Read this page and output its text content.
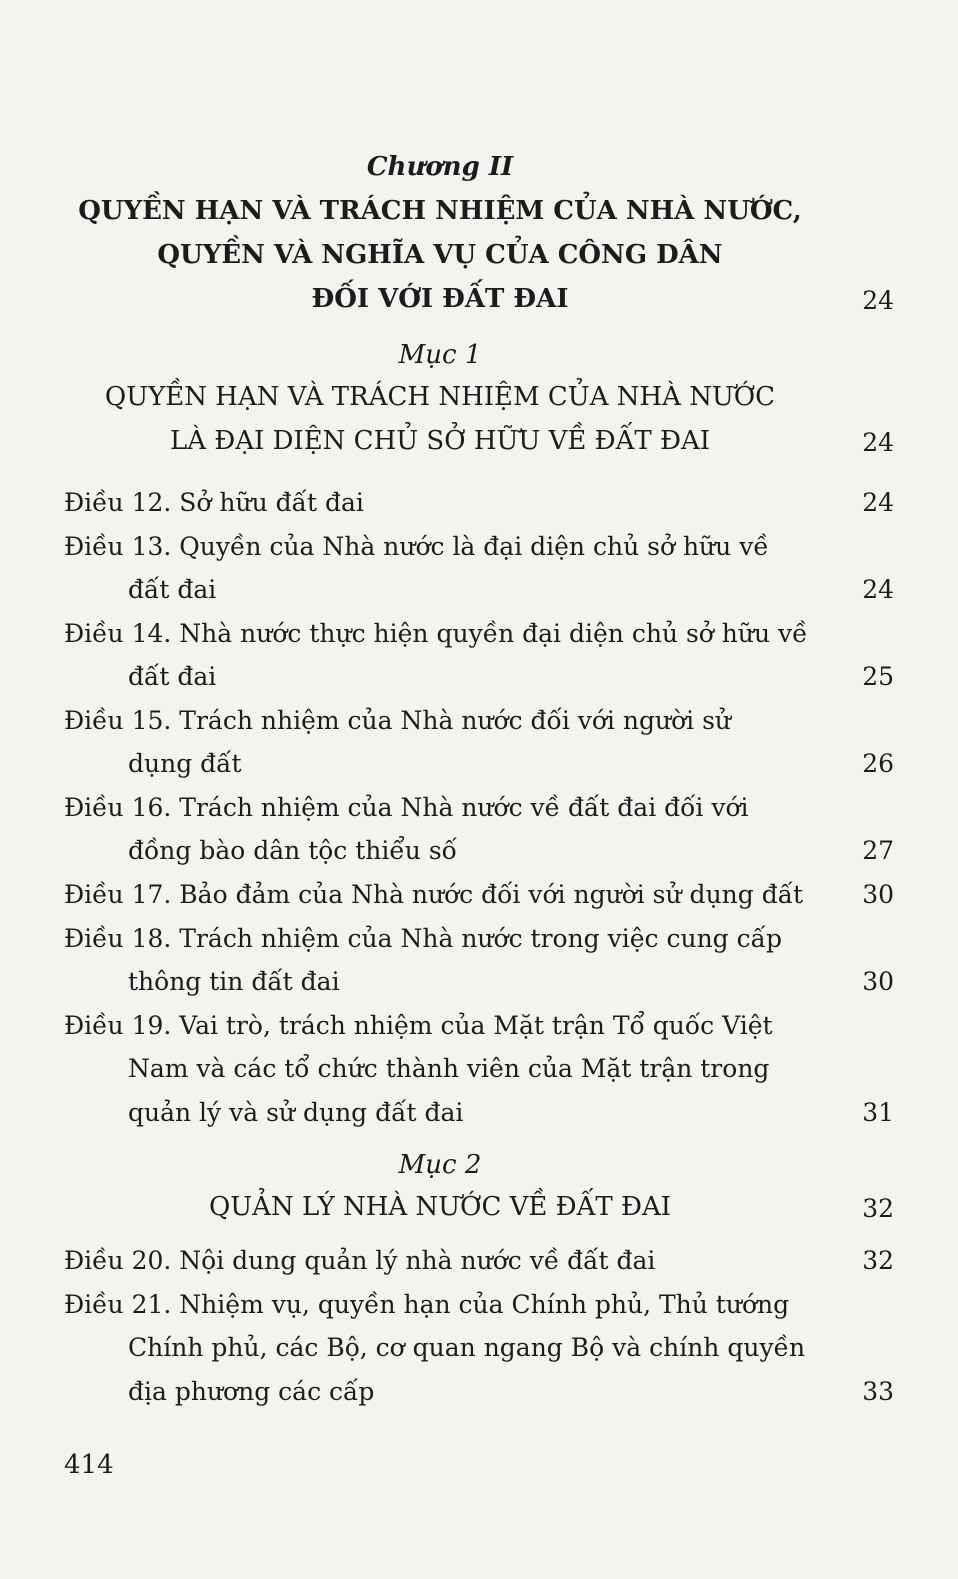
Chương II
QUYỀN HẠN VÀ TRÁCH NHIỆM CỦA NHÀ NƯỚC,
QUYỀN VÀ NGHĨA VỤ CỦA CÔNG DÂN
ĐỐI VỚI ĐẤT ĐAI	24
Mục 1
QUYỀN HẠN VÀ TRÁCH NHIỆM CỦA NHÀ NƯỚC
LÀ ĐẠI DIỆN CHỦ SỞ HỮU VỀ ĐẤT ĐAI	24
Điều 12. Sở hữu đất đai	24
Điều 13. Quyền của Nhà nước là đại diện chủ sở hữu về
đất đai	24
Điều 14. Nhà nước thực hiện quyền đại diện chủ sở hữu về
đất đai	25
Điều 15. Trách nhiệm của Nhà nước đối với người sử
dụng đất	26
Điều 16. Trách nhiệm của Nhà nước về đất đai đối với
đồng bào dân tộc thiểu số	27
Điều 17. Bảo đảm của Nhà nước đối với người sử dụng đất 30
Điều 18. Trách nhiệm của Nhà nước trong việc cung cấp
thông tin đất đai	30
Điều 19. Vai trò, trách nhiệm của Mặt trận Tổ quốc Việt
Nam và các tổ chức thành viên của Mặt trận trong
quản lý và sử dụng đất đai	31
Mục 2
QUẢN LÝ NHÀ NƯỚC VỀ ĐẤT ĐAI	32
Điều 20. Nội dung quản lý nhà nước về đất đai	32
Điều 21. Nhiệm vụ, quyền hạn của Chính phủ, Thủ tướng
Chính phủ, các Bộ, cơ quan ngang Bộ và chính quyền
địa phương các cấp	33
414
